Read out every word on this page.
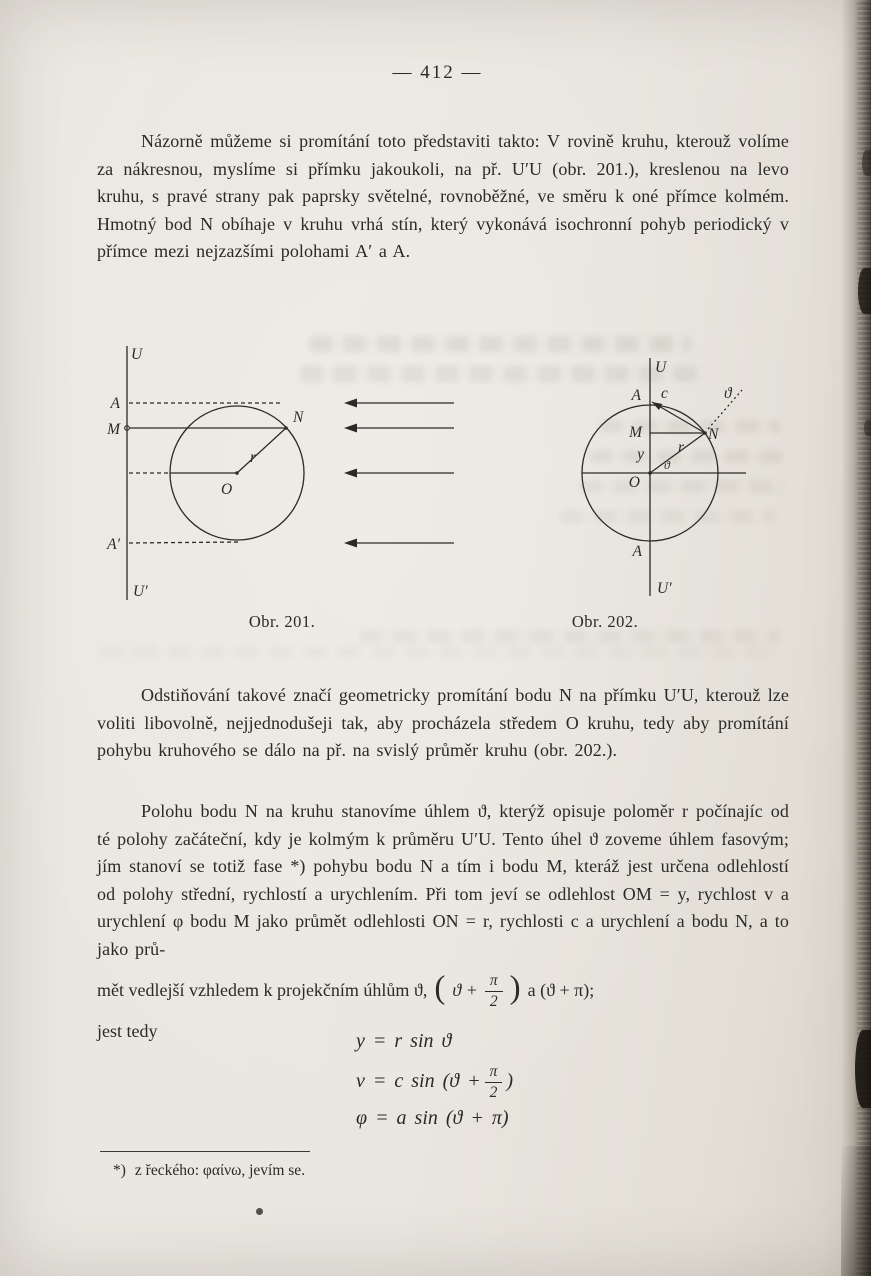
— 412 —

Názorně můžeme si promítání toto představiti takto: V rovině kruhu, kterouž volíme za nákresnou, myslíme si přímku jakoukoli, na př. U′U (obr. 201.), kreslenou na levo kruhu, s pravé strany pak paprsky světelné, rovnoběžné, ve směru k oné přímce kolmém. Hmotný bod N obíhaje v kruhu vrhá stín, který vykonává isochronní pohyb periodický v přímce mezi nejzazšími polohami A′ a A.

U
U′
A
M
A′
N
r
O
U
U′
A
M	N
r
y
O
c	ϑ
ϑ
A
Obr. 201.	Obr. 202.

Odstiňování takové značí geometricky promítání bodu N na přímku U′U, kterouž lze voliti libovolně, nejjednodušeji tak, aby procházela středem O kruhu, tedy aby promítání pohybu kruhového se dálo na př. na svislý průměr kruhu (obr. 202.).

Polohu bodu N na kruhu stanovíme úhlem ϑ, kterýž opisuje poloměr r počínajíc od té polohy začáteční, kdy je kolmým k průměru U′U. Tento úhel ϑ zoveme úhlem fasovým; jím stanoví se totiž fase *) pohybu bodu N a tím i bodu M, kteráž jest určena odlehlostí od polohy střední, rychlostí a urychlením. Při tom jeví se odlehlost OM = y, rychlost v a urychlení φ bodu M jako průmět odlehlosti ON = r, rychlosti c a urychlení a bodu N, a to jako prů-

mět vedlejší vzhledem k projekčním úhlům ϑ, ( $ϑ + \frac{\pi}{2}$ ) a (ϑ + π);
jest tedy	y = r sin ϑ
v = c $\sin (ϑ + \frac{\pi}{2}$ )
φ = a sin (ϑ + π)
*) z řeckého: φαίνω, jevím se.
